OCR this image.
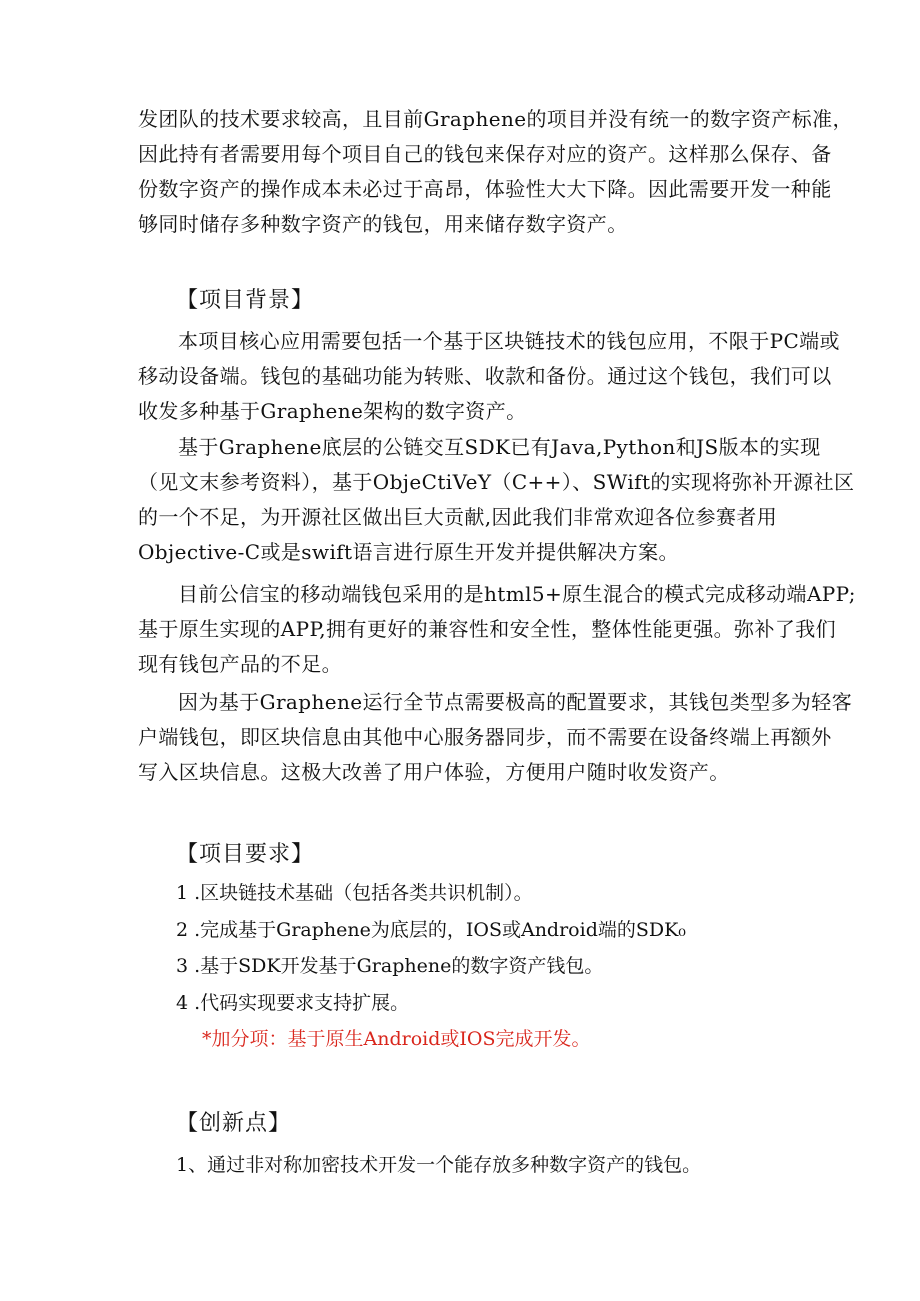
发团队的技术要求较高，且目前Graphene的项目并没有统一的数字资产标准，
因此持有者需要用每个项目自己的钱包来保存对应的资产。这样那么保存、备
份数字资产的操作成本未必过于高昂，体验性大大下降。因此需要开发一种能
够同时储存多种数字资产的钱包，用来储存数字资产。
【项目背景】
本项目核心应用需要包括一个基于区块链技术的钱包应用，不限于PC端或
移动设备端。钱包的基础功能为转账、收款和备份。通过这个钱包，我们可以
收发多种基于Graphene架构的数字资产。
基于Graphene底层的公链交互SDK已有Java,Python和JS版本的实现
（见文末参考资料），基于ObjeCtiVeY（C++）、SWift的实现将弥补开源社区
的一个不足，为开源社区做出巨大贡献,因此我们非常欢迎各位参赛者用
Objective-C或是swift语言进行原生开发并提供解决方案。
目前公信宝的移动端钱包采用的是html5+原生混合的模式完成移动端APP;
基于原生实现的APP,拥有更好的兼容性和安全性，整体性能更强。弥补了我们
现有钱包产品的不足。
因为基于Graphene运行全节点需要极高的配置要求，其钱包类型多为轻客
户端钱包，即区块信息由其他中心服务器同步，而不需要在设备终端上再额外
写入区块信息。这极大改善了用户体验，方便用户随时收发资产。
【项目要求】
1 .区块链技术基础（包括各类共识机制）。
2 .完成基于Graphene为底层的，IOS或Android端的SDK₀
3 .基于SDK开发基于Graphene的数字资产钱包。
4 .代码实现要求支持扩展。
*加分项：基于原生Android或IOS完成开发。
【创新点】
1、通过非对称加密技术开发一个能存放多种数字资产的钱包。
